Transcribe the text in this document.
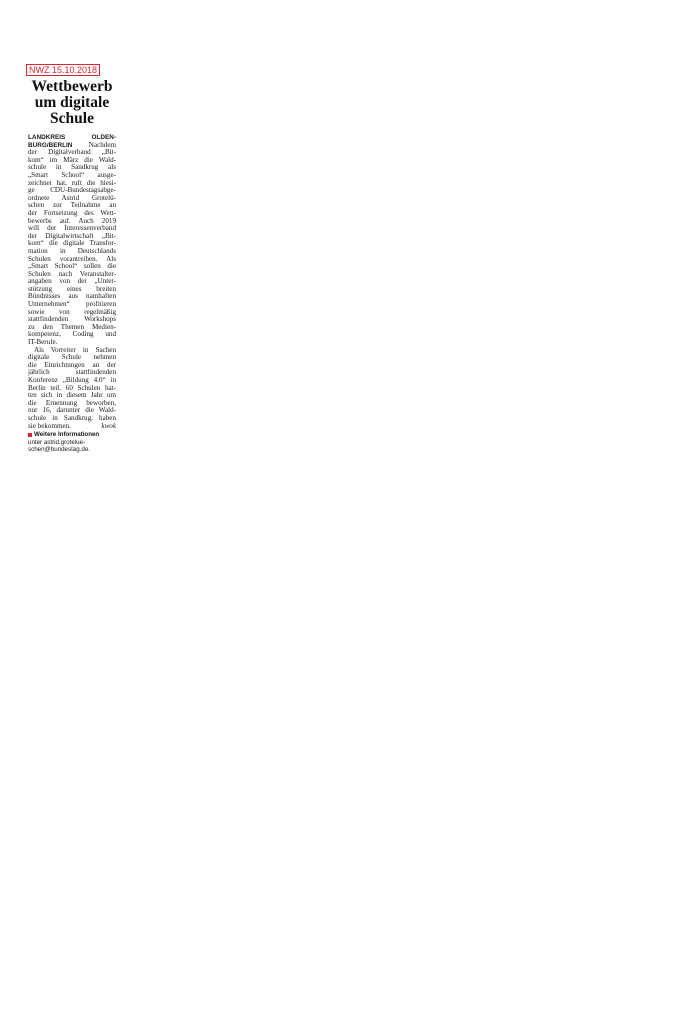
NWZ 15.10.2018
Wettbewerb
um digitale
Schule
LANDKREIS OLDEN-
BURG/BERLIN Nachdem
der Digitalverband „Bit-
kom“ im März die Wald-
schule in Sandkrug als
„Smart School“ ausge-
zeichnet hat, ruft die hiesi-
ge CDU-Bundestagsabge-
ordnete Astrid Grotelü-
schen zur Teilnahme an
der Fortsetzung des Wett-
bewerbs auf. Auch 2019
will der Interessenverband
der Digitalwirtschaft „Bit-
kom“ die digitale Transfor-
mation in Deutschlands
Schulen vorantreiben. Als
„Smart School“ sollen die
Schulen nach Veranstalter-
angaben von der „Unter-
stützung eines breiten
Bündnisses aus namhaften
Unternehmen“ profitieren
sowie von regelmäßig
stattfindenden Workshops
zu den Themen Medien-
kompetenz, Coding und
IT-Berufe.
Als Vorreiter in Sachen
digitale Schule nehmen
die Einrichtungen an der
jährlich stattfindenden
Konferenz „Bildung 4.0“ in
Berlin teil. 60 Schulen hat-
ten sich in diesem Jahr um
die Ernennung beworben,
nur 16, darunter die Wald-
schule in Sandkrug, haben
sie bekommen.	kwok
Weitere Informationen
unter astrid.grotelue-
schen@bundestag.de.
